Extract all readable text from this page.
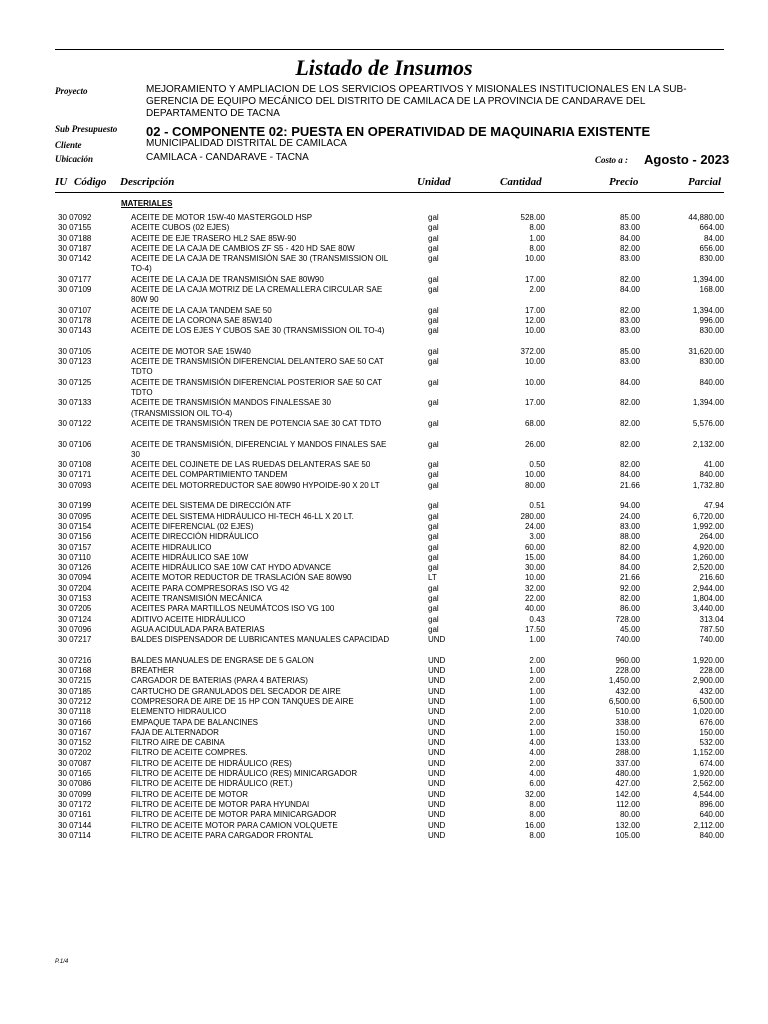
Listado de Insumos
Proyecto	MEJORAMIENTO Y AMPLIACION DE LOS SERVICIOS OPEARTIVOS Y MISIONALES INSTITUCIONALES EN LA SUB-GERENCIA DE EQUIPO MECÁNICO DEL DISTRITO DE CAMILACA DE LA PROVINCIA DE CANDARAVE DEL DEPARTAMENTO DE TACNA
Sub Presupuesto 02 - COMPONENTE 02: PUESTA EN OPERATIVIDAD DE MAQUINARIA EXISTENTE
Cliente	MUNICIPALIDAD DISTRITAL DE CAMILACA
Ubicación	CAMILACA - CANDARAVE - TACNA	Costo a : Agosto - 2023
IU Código Descripción	Unidad	Cantidad	Precio	Parcial
MATERIALES
30 07092	ACEITE DE MOTOR 15W-40 MASTERGOLD HSP	gal	528.00	85.00	44,880.00
30 07155	ACEITE CUBOS (02 EJES)	gal	8.00	83.00	664.00
30 07188	ACEITE DE EJE TRASERO HL2 SAE 85W-90	gal	1.00	84.00	84.00
30 07187	ACEITE DE LA CAJA DE CAMBIOS ZF S5 - 420 HD SAE 80W	gal	8.00	82.00	656.00
30 07142	ACEITE DE LA CAJA DE TRANSMISIÓN SAE 30 (TRANSMISSION OIL TO-4)
gal	10.00	83.00	830.00
30 07177	ACEITE DE LA CAJA DE TRANSMISIÓN SAE 80W90	gal	17.00	82.00	1,394.00
30 07109	ACEITE DE LA CAJA MOTRIZ DE LA CREMALLERA CIRCULAR SAE 80W 90
gal	2.00	84.00	168.00
30 07107	ACEITE DE LA CAJA TANDEM SAE 50	gal	17.00	82.00	1,394.00
30 07178	ACEITE DE LA CORONA SAE 85W140	gal	12.00	83.00	996.00
30 07143	ACEITE DE LOS EJES Y CUBOS SAE 30 (TRANSMISSION OIL TO-4)	gal	10.00	83.00	830.00
30 07105	ACEITE DE MOTOR SAE 15W40	gal	372.00	85.00	31,620.00
30 07123	ACEITE DE TRANSMISIÓN DIFERENCIAL DELANTERO SAE 50 CAT TDTO
gal	10.00	83.00	830.00
30 07125	ACEITE DE TRANSMISIÓN DIFERENCIAL POSTERIOR SAE 50 CAT TDTO
gal	10.00	84.00	840.00
30 07133	ACEITE DE TRANSMISIÓN MANDOS FINALESSAE 30 (TRANSMISSION OIL TO-4)
gal	17.00	82.00	1,394.00
30 07122	ACEITE DE TRANSMISIÓN TREN DE POTENCIA SAE 30 CAT TDTO	gal	68.00	82.00	5,576.00
30 07106	ACEITE DE TRANSMISIÓN, DIFERENCIAL Y MANDOS FINALES SAE 30
gal	26.00	82.00	2,132.00
30 07108	ACEITE DEL COJINETE DE LAS RUEDAS DELANTERAS SAE 50	gal	0.50	82.00	41.00
30 07171	ACEITE DEL COMPARTIMIENTO TANDEM	gal	10.00	84.00	840.00
30 07093	ACEITE DEL MOTORREDUCTOR SAE 80W90 HYPOIDE-90 X 20 LT	gal	80.00	21.66	1,732.80
30 07199	ACEITE DEL SISTEMA DE DIRECCIÓN ATF	gal	0.51	94.00	47.94
30 07095	ACEITE DEL SISTEMA HIDRÁULICO HI-TECH 46-LL X 20 LT.	gal	280.00	24.00	6,720.00
30 07154	ACEITE DIFERENCIAL (02 EJES)	gal	24.00	83.00	1,992.00
30 07156	ACEITE DIRECCIÓN HIDRÁULICO	gal	3.00	88.00	264.00
30 07157	ACEITE HIDRAULICO	gal	60.00	82.00	4,920.00
30 07110	ACEITE HIDRÁULICO SAE 10W	gal	15.00	84.00	1,260.00
30 07126	ACEITE HIDRÁULICO SAE 10W CAT HYDO ADVANCE	gal	30.00	84.00	2,520.00
30 07094	ACEITE MOTOR REDUCTOR DE TRASLACIÓN SAE 80W90	LT	10.00	21.66	216.60
30 07204	ACEITE PARA COMPRESORAS ISO VG 42	gal	32.00	92.00	2,944.00
30 07153	ACEITE TRANSMISIÓN MECÁNICA	gal	22.00	82.00	1,804.00
30 07205	ACEITES PARA MARTILLOS NEUMÁTCOS ISO VG 100	gal	40.00	86.00	3,440.00
30 07124	ADITIVO ACEITE HIDRÁULICO	gal	0.43	728.00	313.04
30 07096	AGUA ACIDULADA PARA BATERIAS	gal	17.50	45.00	787.50
30 07217	BALDES DISPENSADOR DE LUBRICANTES MANUALES CAPACIDAD	UND	1.00	740.00	740.00
30 07216	BALDES MANUALES DE ENGRASE DE 5 GALON	UND	2.00	960.00	1,920.00
30 07168	BREATHER	UND	1.00	228.00	228.00
30 07215	CARGADOR DE BATERIAS (PARA 4 BATERIAS)	UND	2.00	1,450.00	2,900.00
30 07185	CARTUCHO DE GRANULADOS DEL SECADOR DE AIRE	UND	1.00	432.00	432.00
30 07212	COMPRESORA DE AIRE DE 15 HP CON TANQUES DE AIRE	UND	1.00	6,500.00	6,500.00
30 07118	ELEMENTO HIDRAULICO	UND	2.00	510.00	1,020.00
30 07166	EMPAQUE TAPA DE BALANCINES	UND	2.00	338.00	676.00
30 07167	FAJA DE ALTERNADOR	UND	1.00	150.00	150.00
30 07152	FILTRO AIRE DE CABINA	UND	4.00	133.00	532.00
30 07202	FILTRO DE ACEITE COMPRES.	UND	4.00	288.00	1,152.00
30 07087	FILTRO DE ACEITE DE HIDRÁULICO (RES)	UND	2.00	337.00	674.00
30 07165	FILTRO DE ACEITE DE HIDRÁULICO (RES) MINICARGADOR	UND	4.00	480.00	1,920.00
30 07086	FILTRO DE ACEITE DE HIDRÁULICO (RET.)	UND	6.00	427.00	2,562.00
30 07099	FILTRO DE ACEITE DE MOTOR	UND	32.00	142.00	4,544.00
30 07172	FILTRO DE ACEITE DE MOTOR PARA HYUNDAI	UND	8.00	112.00	896.00
30 07161	FILTRO DE ACEITE DE MOTOR PARA MINICARGADOR	UND	8.00	80.00	640.00
30 07144	FILTRO DE ACEITE MOTOR PARA CAMION VOLQUETE	UND	16.00	132.00	2,112.00
30 07114	FILTRO DE ACEITE PARA CARGADOR FRONTAL	UND	8.00	105.00	840.00
P.1/4
